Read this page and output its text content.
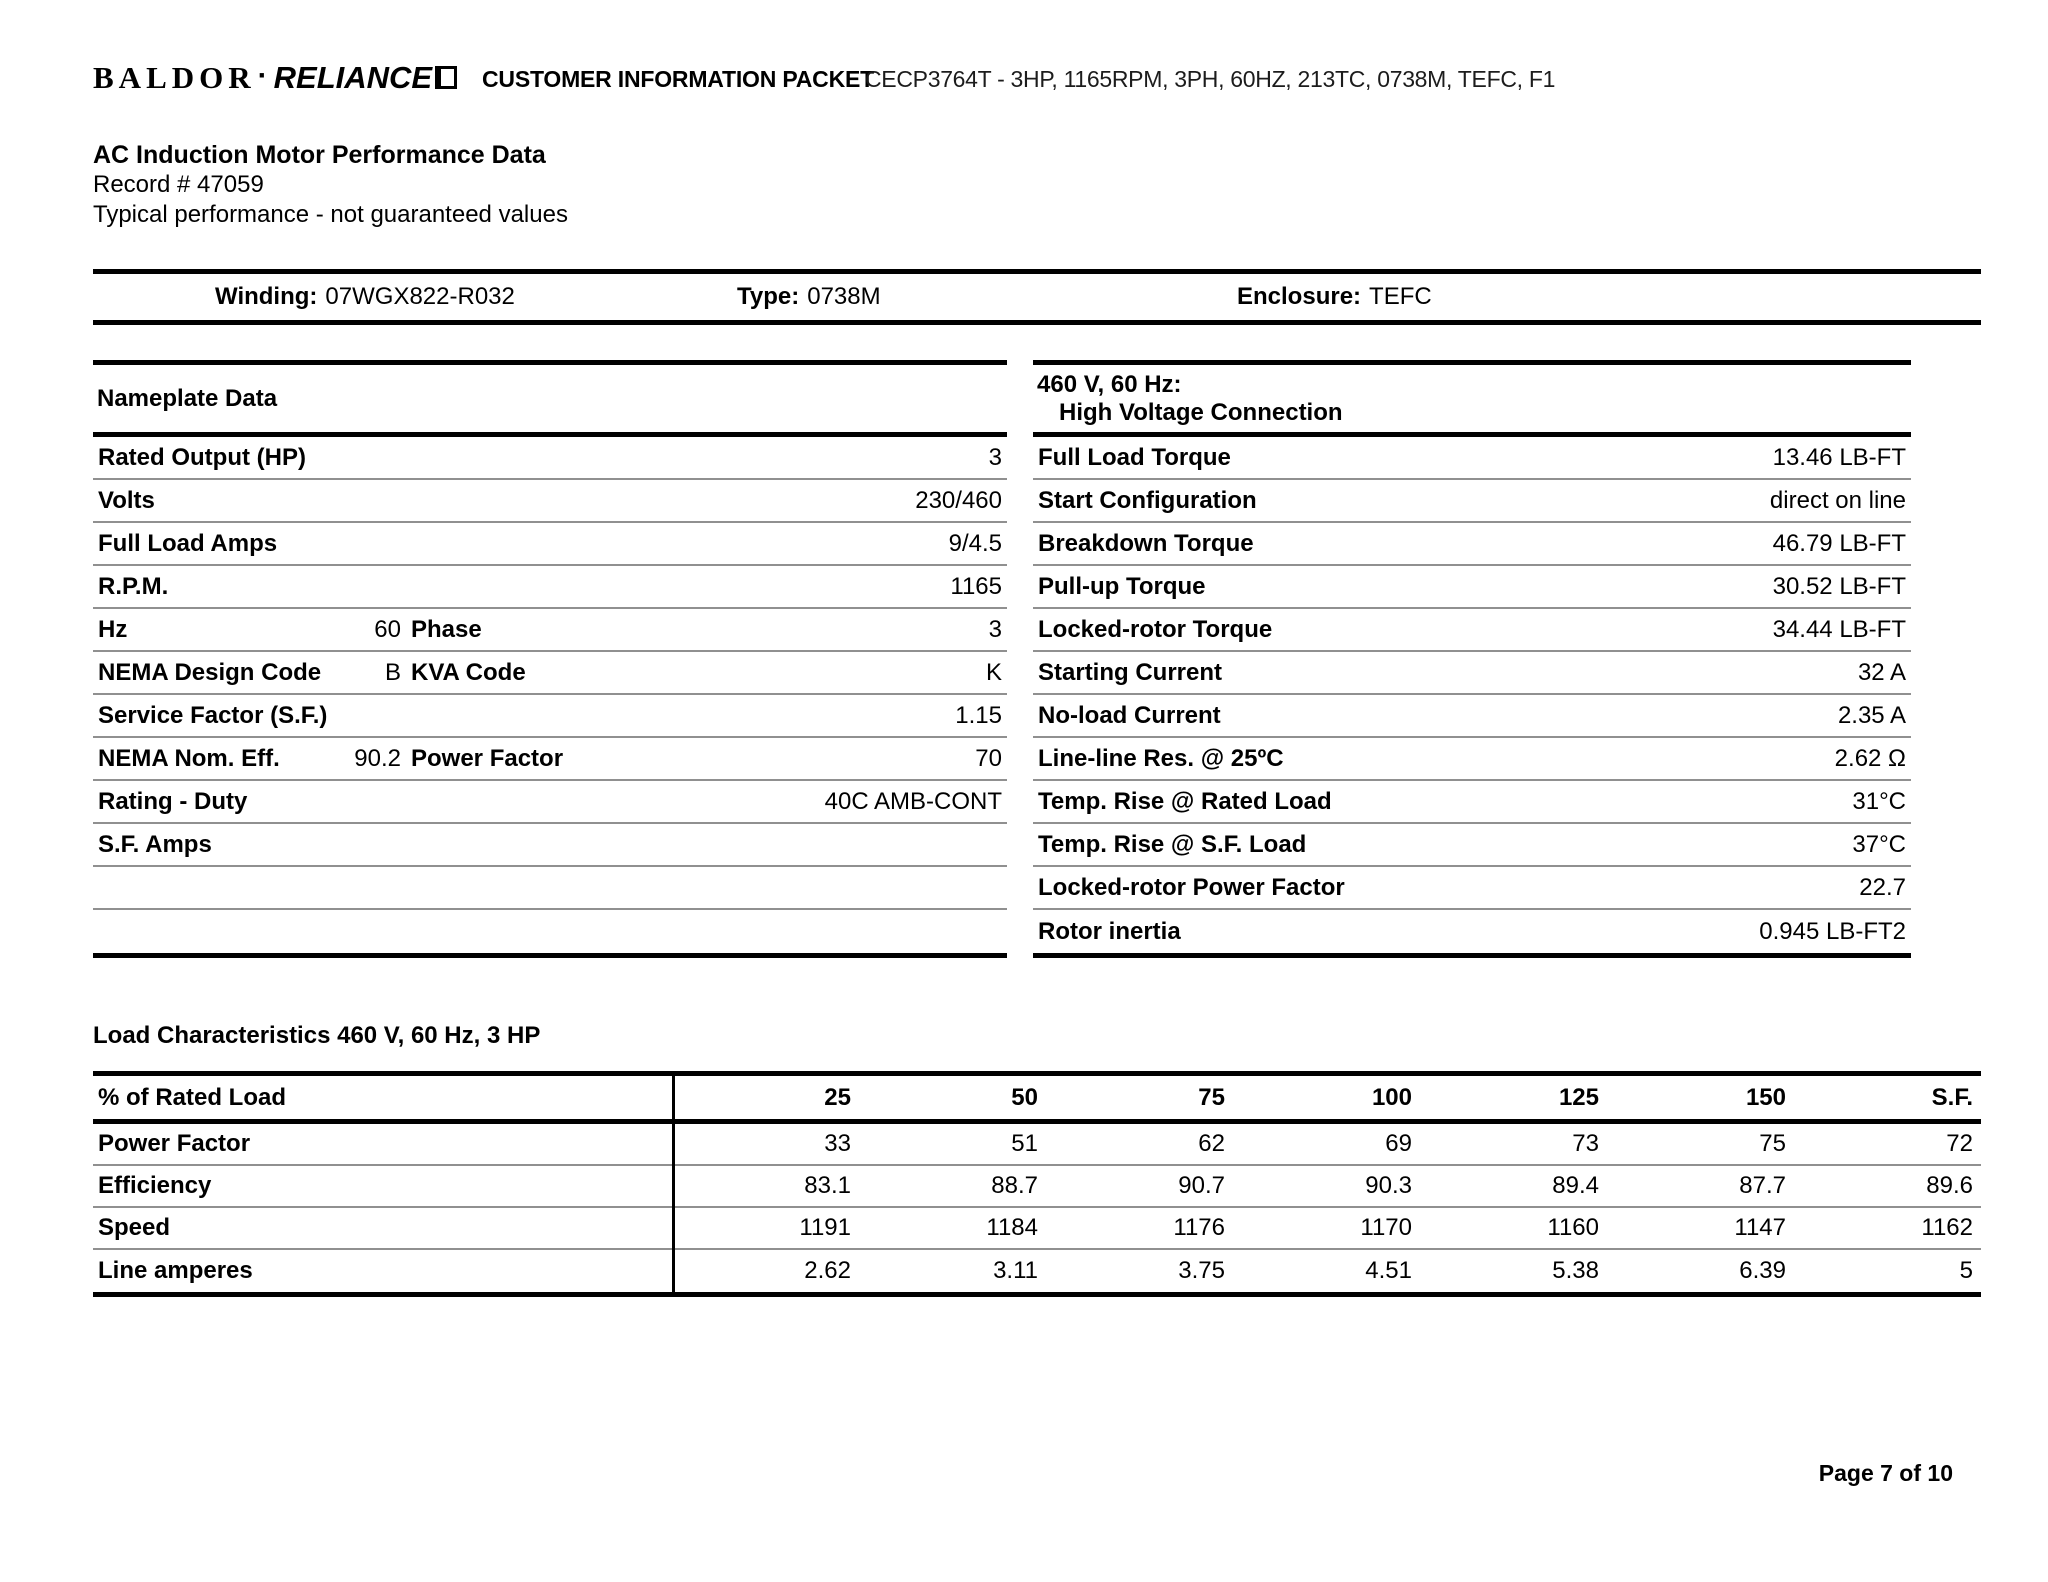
BALDOR · RELIANCE CUSTOMER INFORMATION PACKET
CECP3764T - 3HP, 1165RPM, 3PH, 60HZ, 213TC, 0738M, TEFC, F1
AC Induction Motor Performance Data
Record # 47059
Typical performance - not guaranteed values
Winding: 07WGX822-R032	Type: 0738M	Enclosure: TEFC
Nameplate Data
Rated Output (HP)	3
Volts	230/460
Full Load Amps	9/4.5
R.P.M.	1165
Hz	60 Phase	3
NEMA Design Code	B KVA Code	K
Service Factor (S.F.)	1.15
NEMA Nom. Eff.	90.2 Power Factor	70
Rating - Duty	40C AMB-CONT
S.F. Amps
460 V, 60 Hz:
High Voltage Connection
Full Load Torque	13.46 LB-FT
Start Configuration	direct on line
Breakdown Torque	46.79 LB-FT
Pull-up Torque	30.52 LB-FT
Locked-rotor Torque	34.44 LB-FT
Starting Current	32 A
No-load Current	2.35 A
Line-line Res. @ 25ºC	2.62 Ω
Temp. Rise @ Rated Load	31°C
Temp. Rise @ S.F. Load	37°C
Locked-rotor Power Factor	22.7
Rotor inertia	0.945 LB-FT2
Load Characteristics 460 V, 60 Hz, 3 HP
% of Rated Load	25	50	75	100	125	150	S.F.
Power Factor	33	51	62	69	73	75	72
Efficiency	83.1	88.7	90.7	90.3	89.4	87.7	89.6
Speed	1191	1184	1176	1170	1160	1147	1162
Line amperes	2.62	3.11	3.75	4.51	5.38	6.39	5
Page 7 of 10
